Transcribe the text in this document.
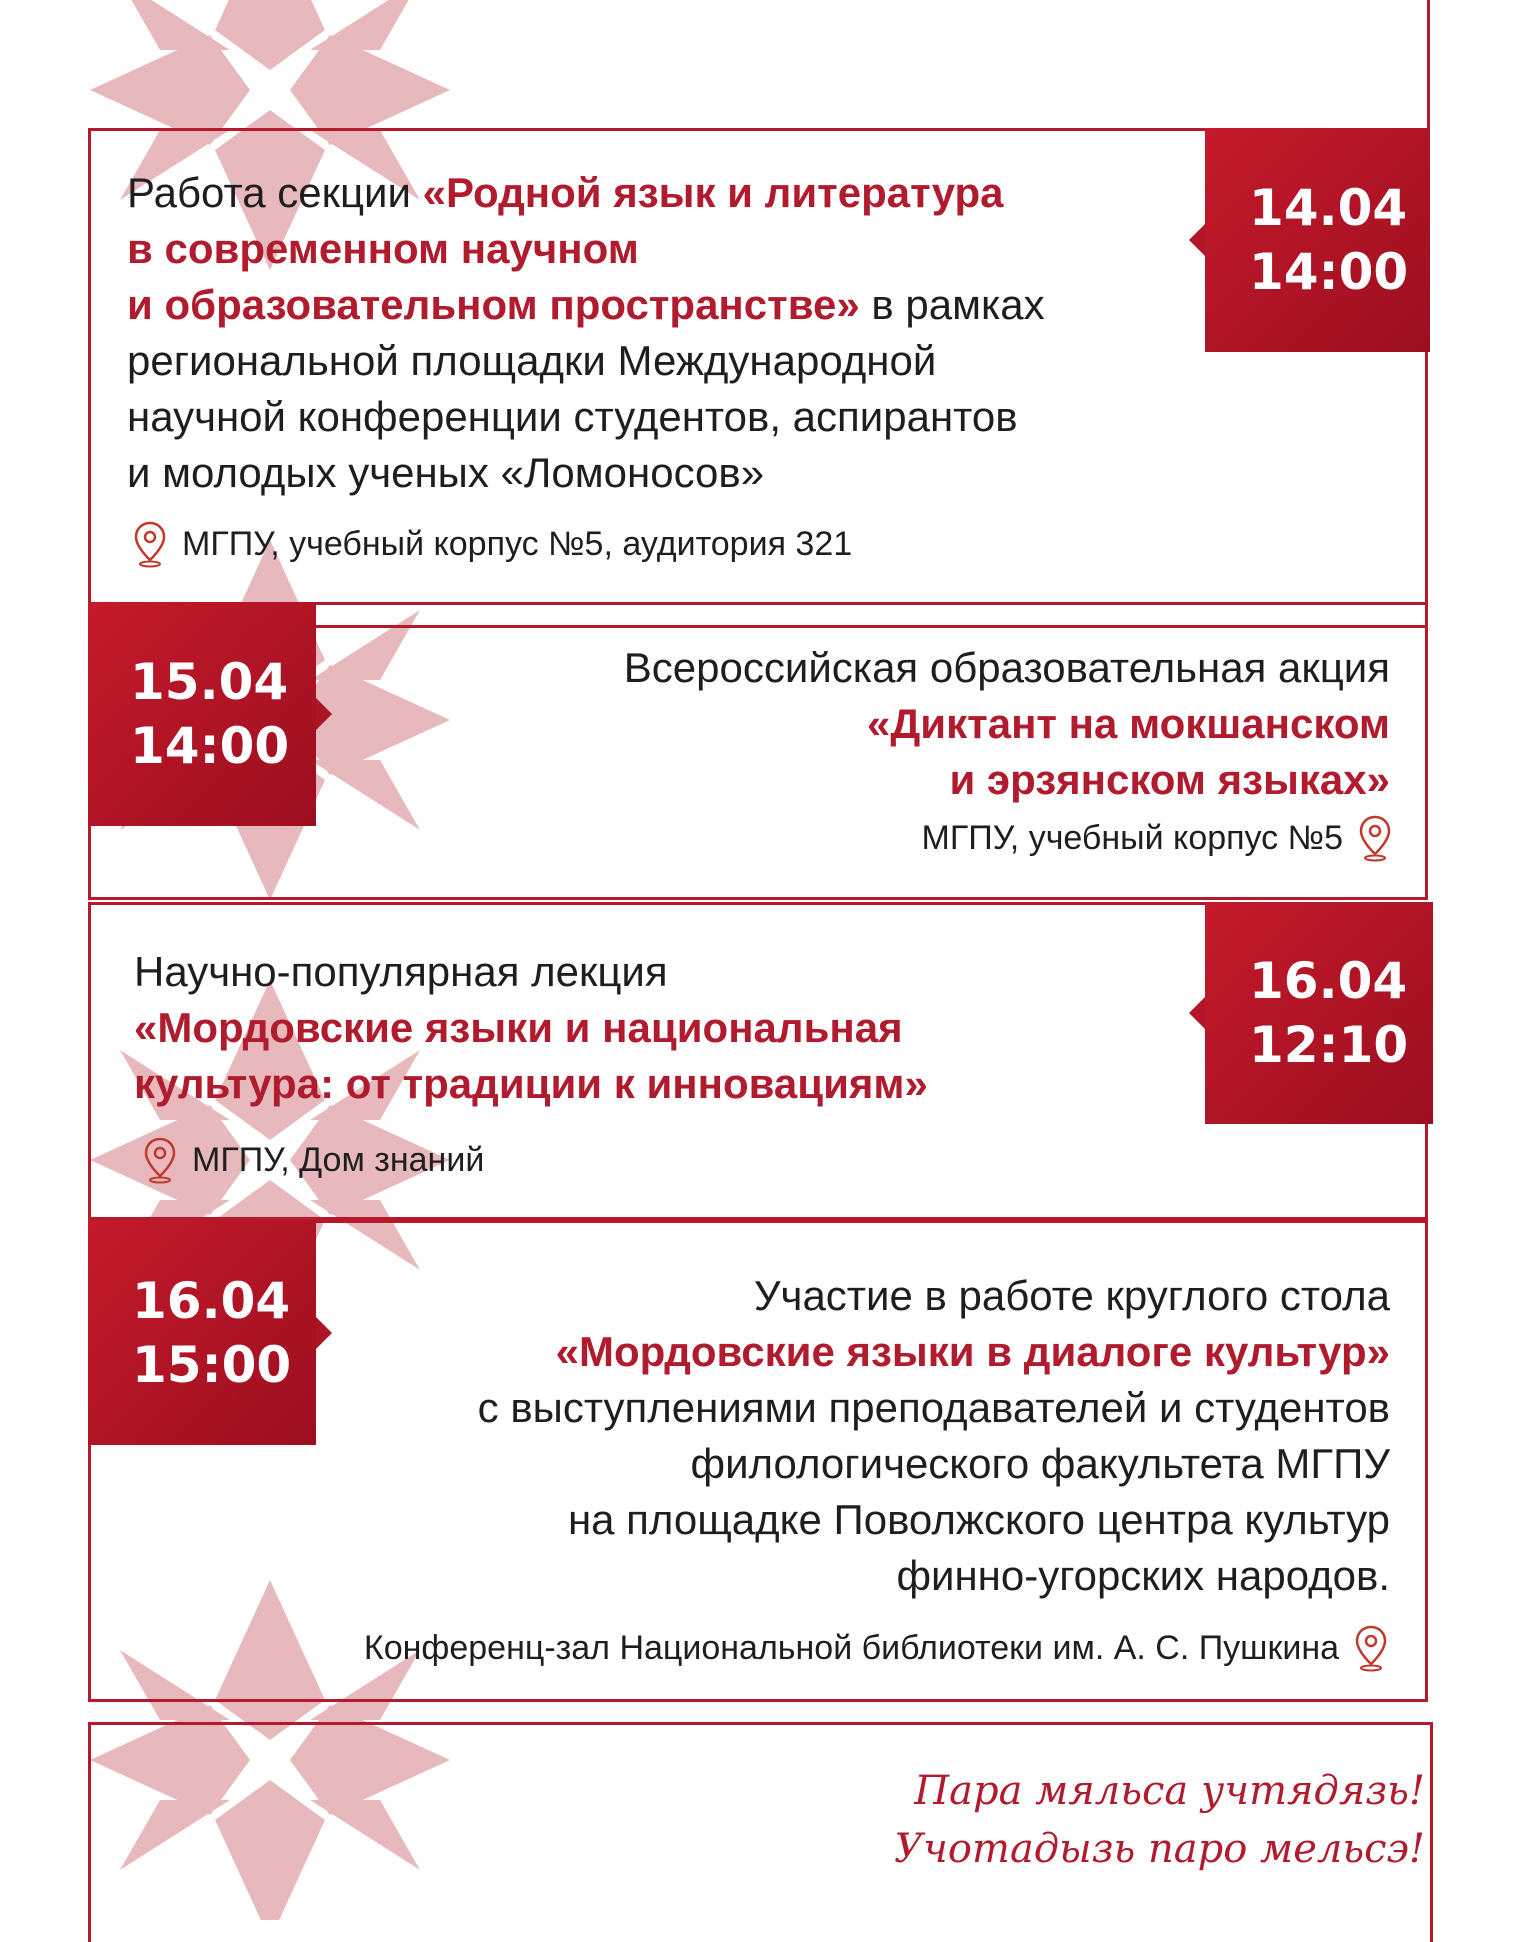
14.04
14:00
Работа секции «Родной язык и литература
в современном научном
и образовательном пространстве» в рамках
региональной площадки Международной
научной конференции студентов, аспирантов
и молодых ученых «Ломоносов»
МГПУ, учебный корпус №5, аудитория 321
15.04
14:00
Всероссийская образовательная акция
«Диктант на мокшанском
и эрзянском языках»
МГПУ, учебный корпус №5
16.04
12:10
Научно-популярная лекция
«Мордовские языки и национальная
культура: от традиции к инновациям»
МГПУ, Дом знаний
16.04
15:00
Участие в работе круглого стола
«Мордовские языки в диалоге культур»
с выступлениями преподавателей и студентов
филологического факультета МГПУ
на площадке Поволжского центра культур
финно-угорских народов.
Конференц-зал Национальной библиотеки им. А. С. Пушкина
Пара мяльса учтядязь!
Учотадызь паро мельсэ!
